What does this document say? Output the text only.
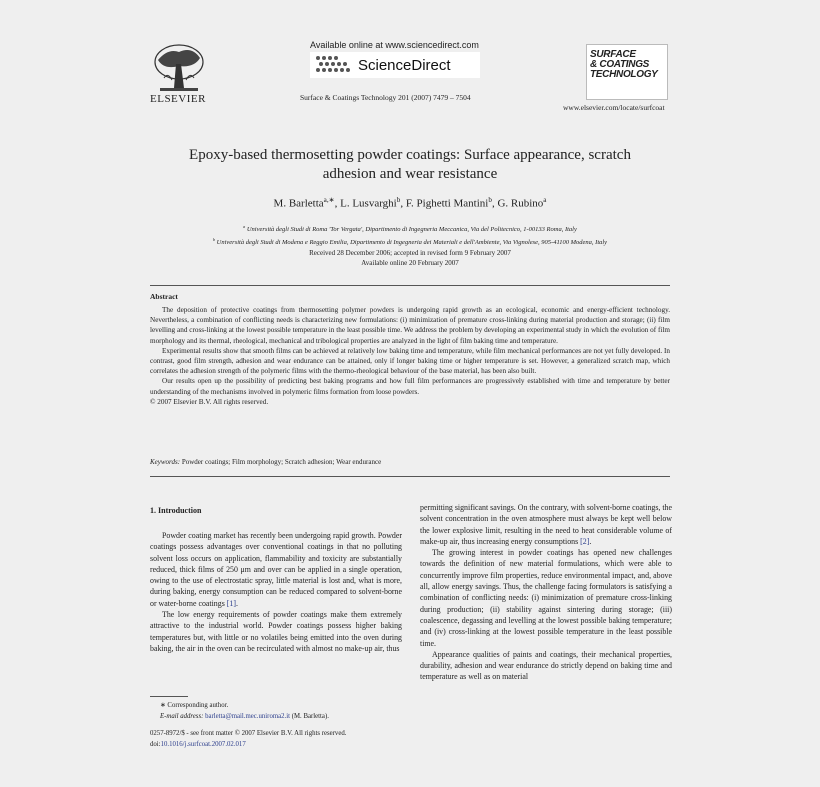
ELSEVIER
Available online at www.sciencedirect.com
ScienceDirect
Surface & Coatings Technology 201 (2007) 7479 – 7504
SURFACE
& COATINGS
TECHNOLOGY
www.elsevier.com/locate/surfcoat
Epoxy-based thermosetting powder coatings: Surface appearance, scratch
adhesion and wear resistance
M. Barletta$^{a,∗}$, L. Lusvarghi$^b$, F. Pighetti Mantini$^b$, G. Rubino$^a$
$^a$ Università degli Studi di Roma 'Tor Vergata', Dipartimento di Ingegneria Meccanica, Via del Politecnico, 1-00133 Roma, Italy
$^b$ Università degli Studi di Modena e Reggio Emilia, Dipartimento di Ingegneria dei Materiali e dell'Ambiente, Via Vignolese, 905-41100 Modena, Italy
Received 28 December 2006; accepted in revised form 9 February 2007
Available online 20 February 2007
Abstract

The deposition of protective coatings from thermosetting polymer powders is undergoing rapid growth as an ecological, economic and energy-efficient technology. Nevertheless, a combination of conflicting needs is characterizing new formulations: (i) minimization of premature cross-linking during material production and storage; (ii) film levelling and cross-linking at the lowest possible temperature in the least possible time. We address the problem by developing an experimental study in which the evolution of film morphology and its thermal, rheological, mechanical and tribological properties are analyzed in the light of film baking time and temperature.

Experimental results show that smooth films can be achieved at relatively low baking time and temperature, while film mechanical performances are not yet fully developed. In contrast, good film strength, adhesion and wear endurance can be attained, only if longer baking time or higher temperature is set. However, a generalized scratch map, which correlates the adhesion strength of the polymeric films with the thermo-rheological behaviour of the base material, has been also built.

Our results open up the possibility of predicting best baking programs and how full film performances are progressively established with time and temperature by better understanding of the mechanisms involved in polymeric films formation from loose powders.

© 2007 Elsevier B.V. All rights reserved.

Keywords: Powder coatings; Film morphology; Scratch adhesion; Wear endurance
1. Introduction

Powder coating market has recently been undergoing rapid growth. Powder coatings possess advantages over conventional coatings in that no polluting solvent loss occurs on application, flammability and toxicity are substantially reduced, thick films of 250 μm and over can be applied in a single operation, owing to the use of electrostatic spray, little material is lost and, what is more, during baking, energy consumption can be reduced compared to solvent-borne or water-borne coatings [1].

The low energy requirements of powder coatings make them extremely attractive to the industrial world. Powder coatings possess higher baking temperatures but, with little or no volatiles being emitted into the oven during baking, the air in the oven can be recirculated with almost no make-up air, thus

permitting significant savings. On the contrary, with solvent-borne coatings, the solvent concentration in the oven atmosphere must always be kept well below the lower explosive limit, resulting in the need to heat considerable volume of make-up air, thus increasing energy consumptions [2].

The growing interest in powder coatings has opened new challenges towards the definition of new material formulations, which were able to concurrently improve film properties, reduce environmental impact, and, above all, allow energy savings. Thus, the challenge facing formulators is satisfying a combination of conflicting needs: (i) minimization of premature cross-linking during production; (ii) stability against sintering during storage; (iii) coalescence, degassing and levelling at the lowest possible baking temperature; and (iv) cross-linking at the lowest possible temperature in the least possible time.

Appearance qualities of paints and coatings, their mechanical properties, durability, adhesion and wear endurance do strictly depend on baking time and temperature as well as on material

∗ Corresponding author.
E-mail address: barletta@mail.mec.uniroma2.it (M. Barletta).
0257-8972/$ - see front matter © 2007 Elsevier B.V. All rights reserved.
doi:10.1016/j.surfcoat.2007.02.017
